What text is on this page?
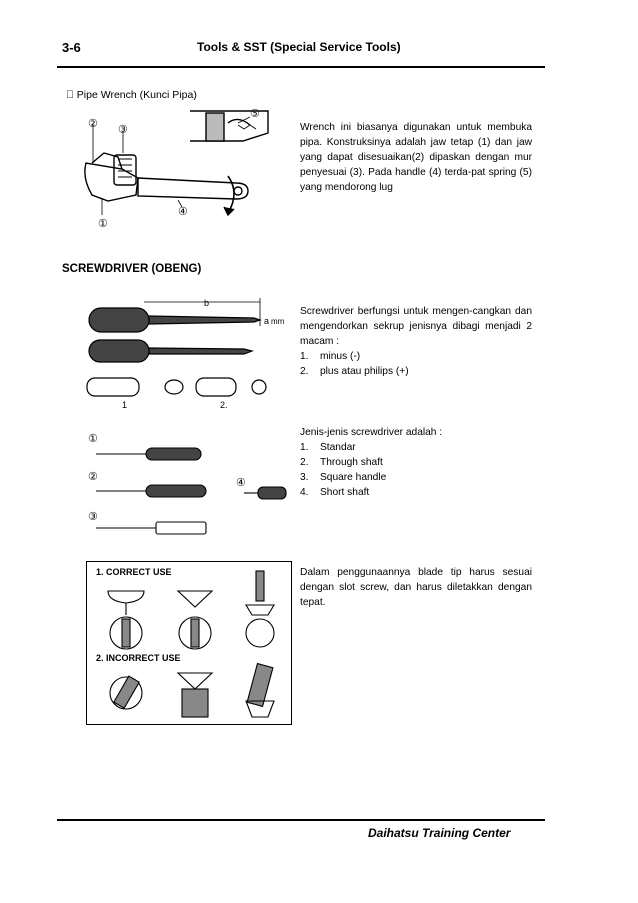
3-6	Tools & SST (Special Service Tools)
Pipe Wrench (Kunci Pipa)
② ③
①
④
⑤

Wrench ini biasanya digunakan untuk membuka pipa. Konstruksinya adalah jaw tetap (1) dan jaw yang dapat disesuaikan(2) dipaskan dengan mur penyesuai (3). Pada handle (4) terda-pat spring (5) yang mendorong lug

SCREWDRIVER (OBENG)
b
a mm
1	2.

Screwdriver berfungsi untuk mengen-cangkan dan mengendorkan sekrup jenisnya dibagi menjadi 2 macam :

1.	minus (-)
2.	plus atau philips (+)
①
②
③
④

Jenis-jenis screwdriver adalah :

1.	Standar
2.	Through shaft
3.	Square handle
4.	Short shaft
1. CORRECT USE
2. INCORRECT USE

Dalam penggunaannya blade tip harus sesuai dengan slot screw, dan harus diletakkan dengan tepat.

Daihatsu Training Center
